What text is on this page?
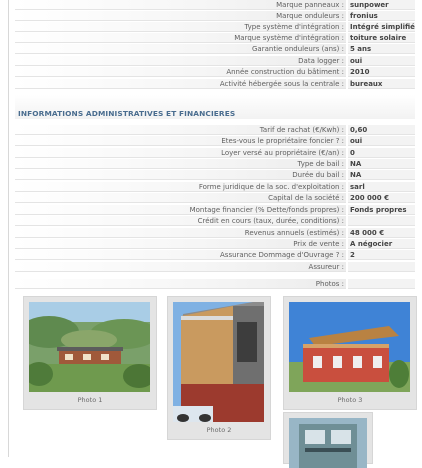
Marque panneaux : sunpower
Marque onduleurs : fronius
Type système d'intégration : Intégré simplifié
Marque système d'intégration : toiture solaire
Garantie onduleurs (ans) : 5 ans
Data logger : oui
Année construction du bâtiment : 2010
Activité hébergée sous la centrale : bureaux
INFORMATIONS ADMINISTRATIVES ET FINANCIERES
Tarif de rachat (€/Kwh) : 0,60
Etes-vous le propriétaire foncier ? : oui
Loyer versé au propriétaire (€/an) : 0
Type de bail : NA
Durée du bail : NA
Forme juridique de la soc. d'exploitation : sarl
Capital de la société : 200 000 €
Montage financier (% Dette/fonds propres) : Fonds propres
Crédit en cours (taux, durée, conditions) :
Revenus annuels (estimés) : 48 000 €
Prix de vente : A négocier
Assurance Dommage d'Ouvrage ? : 2
Assureur :
Photos :
Photo 1
Photo 2
Photo 3
